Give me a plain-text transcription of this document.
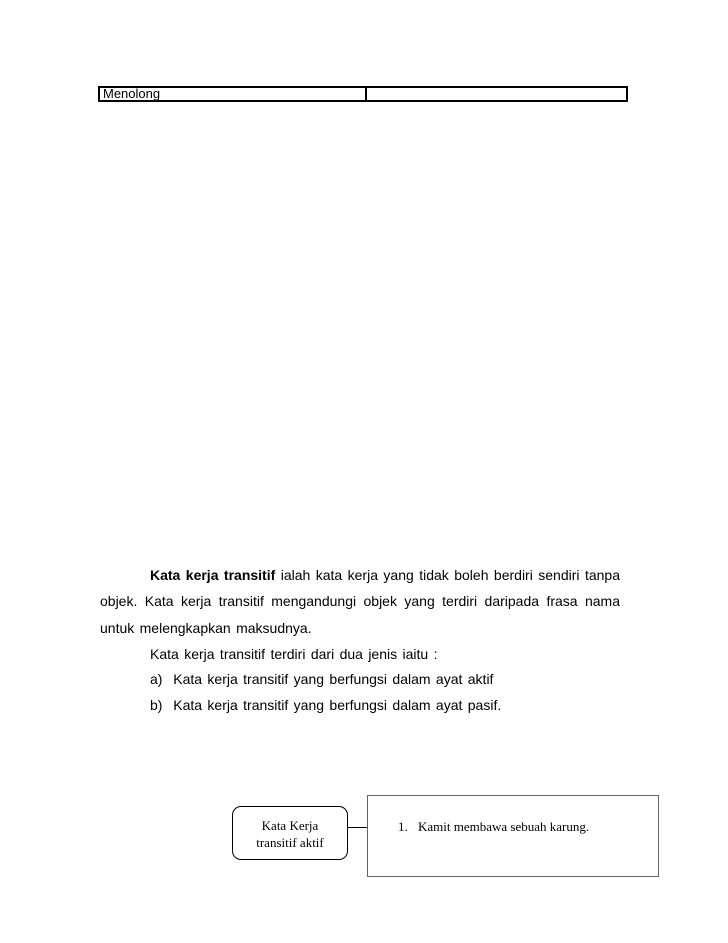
Menolong
Kata kerja transitif ialah kata kerja yang tidak boleh berdiri sendiri tanpa
objek. Kata kerja transitif mengandungi objek yang terdiri daripada frasa nama
untuk melengkapkan maksudnya.
Kata kerja transitif terdiri dari dua jenis iaitu :
a) Kata kerja transitif yang berfungsi dalam ayat aktif
b) Kata kerja transitif yang berfungsi dalam ayat pasif.
Kata Kerja
transitif aktif
1. Kamit membawa sebuah karung.
